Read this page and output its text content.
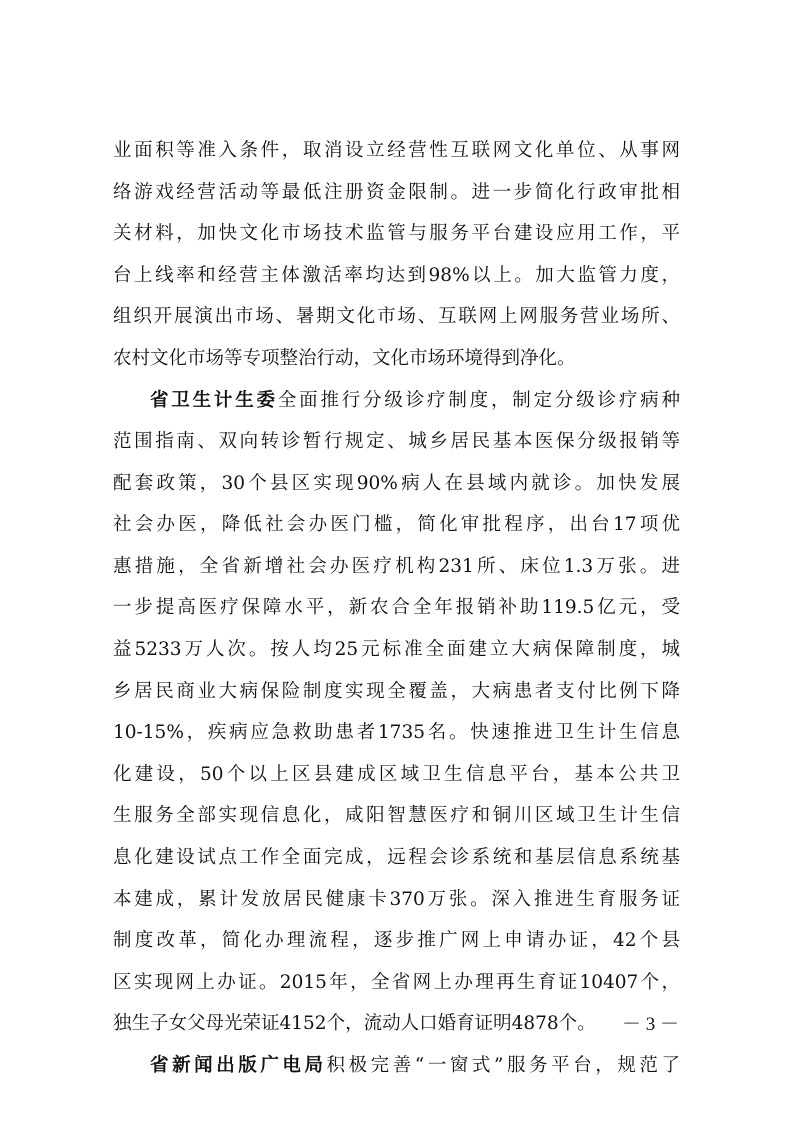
业面积等准入条件，取消设立经营性互联网文化单位、从事网
络游戏经营活动等最低注册资金限制。进一步简化行政审批相
关材料，加快文化市场技术监管与服务平台建设应用工作，平
台上线率和经营主体激活率均达到98%以上。加大监管力度，
组织开展演出市场、暑期文化市场、互联网上网服务营业场所、
农村文化市场等专项整治行动，文化市场环境得到净化。
省卫生计生委全面推行分级诊疗制度，制定分级诊疗病种
范围指南、双向转诊暂行规定、城乡居民基本医保分级报销等
配套政策，30个县区实现90%病人在县域内就诊。加快发展
社会办医，降低社会办医门槛，简化审批程序，出台17项优
惠措施，全省新增社会办医疗机构231所、床位1.3万张。进
一步提高医疗保障水平，新农合全年报销补助119.5亿元，受
益5233万人次。按人均25元标准全面建立大病保障制度，城
乡居民商业大病保险制度实现全覆盖，大病患者支付比例下降
10-15%，疾病应急救助患者1735名。快速推进卫生计生信息
化建设，50个以上区县建成区域卫生信息平台，基本公共卫
生服务全部实现信息化，咸阳智慧医疗和铜川区域卫生计生信
息化建设试点工作全面完成，远程会诊系统和基层信息系统基
本建成，累计发放居民健康卡370万张。深入推进生育服务证
制度改革，简化办理流程，逐步推广网上申请办证，42个县
区实现网上办证。2015年，全省网上办理再生育证10407个，
独生子女父母光荣证4152个，流动人口婚育证明4878个。
省新闻出版广电局积极完善“一窗式”服务平台，规范了
－ 3 －
